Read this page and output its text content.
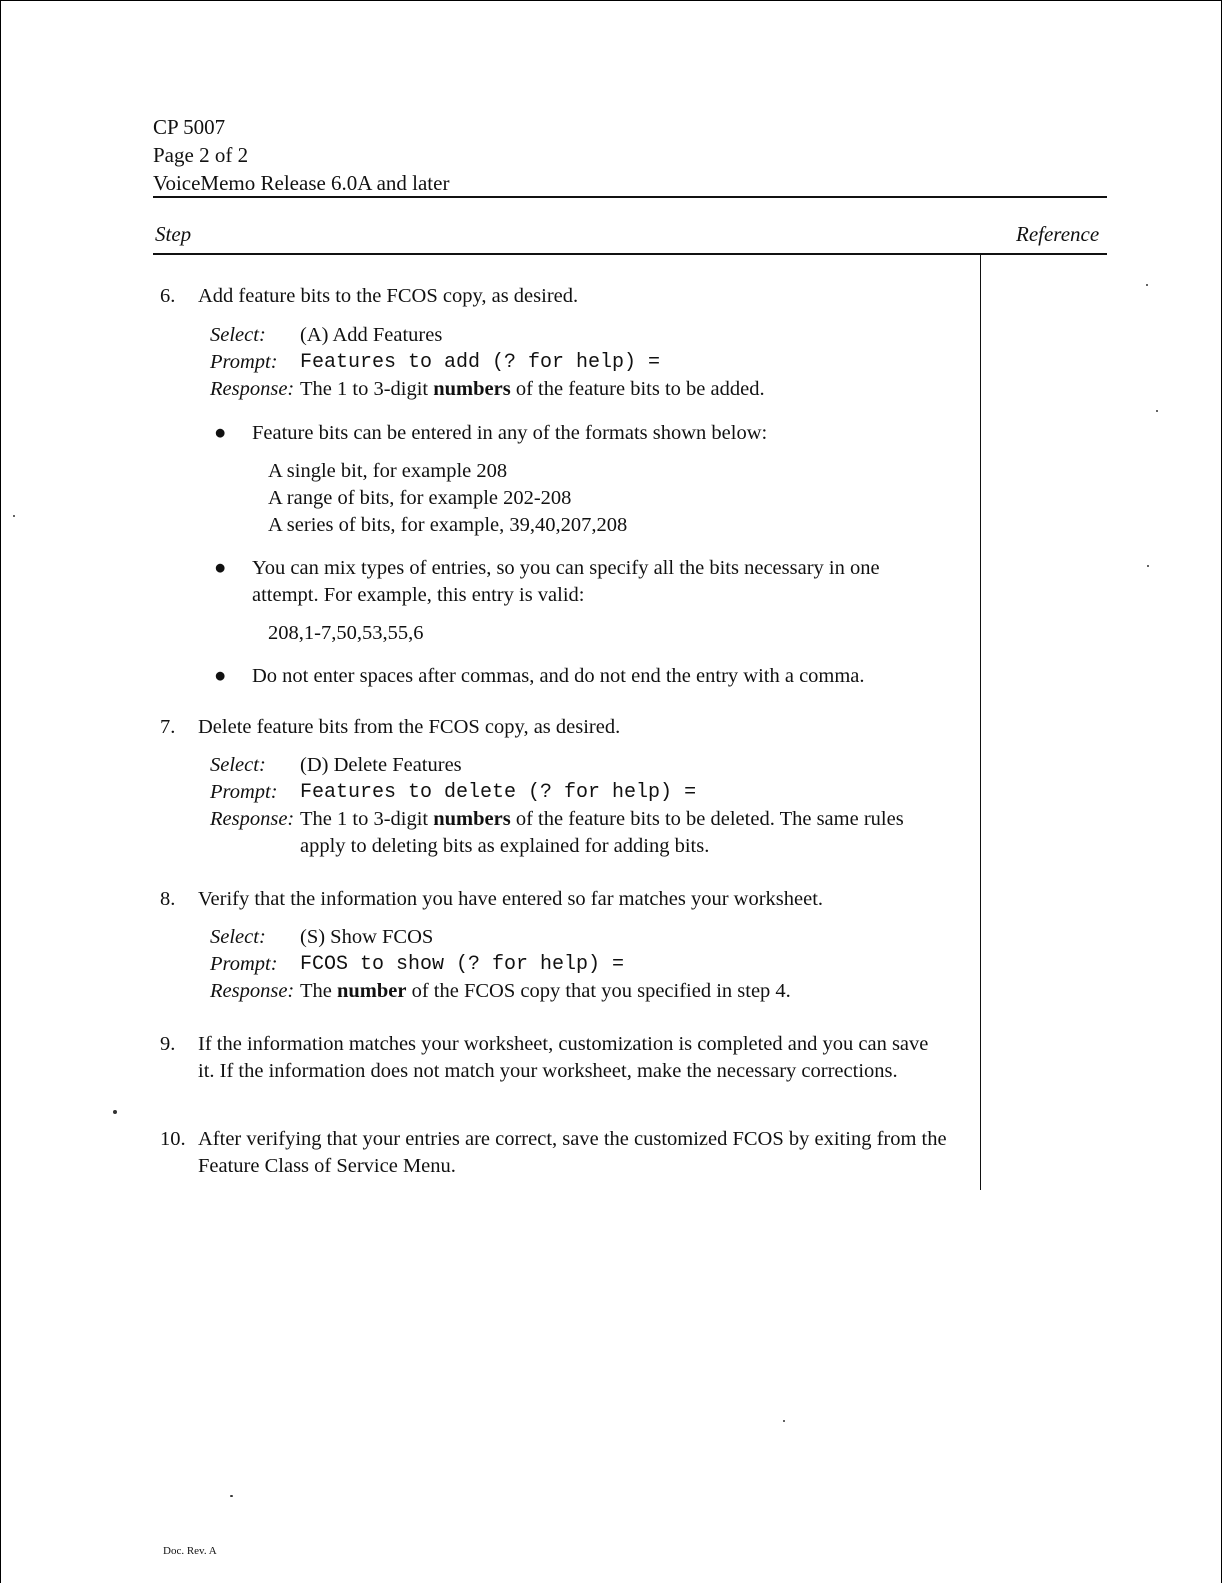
CP 5007
Page 2 of 2
VoiceMemo Release 6.0A and later
Step	Reference
6. Add feature bits to the FCOS copy, as desired.
Select: (A) Add Features
Prompt: Features to add (? for help) =
Response: The 1 to 3-digit numbers of the feature bits to be added.
● Feature bits can be entered in any of the formats shown below:
A single bit, for example 208
A range of bits, for example 202-208
A series of bits, for example, 39,40,207,208
● You can mix types of entries, so you can specify all the bits necessary in one attempt. For example, this entry is valid:
208,1-7,50,53,55,6
● Do not enter spaces after commas, and do not end the entry with a comma.
7. Delete feature bits from the FCOS copy, as desired.
Select: (D) Delete Features
Prompt: Features to delete (? for help) =
Response: The 1 to 3-digit numbers of the feature bits to be deleted. The same rules apply to deleting bits as explained for adding bits.
8. Verify that the information you have entered so far matches your worksheet.
Select: (S) Show FCOS
Prompt: FCOS to show (? for help) =
Response: The number of the FCOS copy that you specified in step 4.
9. If the information matches your worksheet, customization is completed and you can save it. If the information does not match your worksheet, make the necessary corrections.
10. After verifying that your entries are correct, save the customized FCOS by exiting from the Feature Class of Service Menu.
Doc. Rev. A
